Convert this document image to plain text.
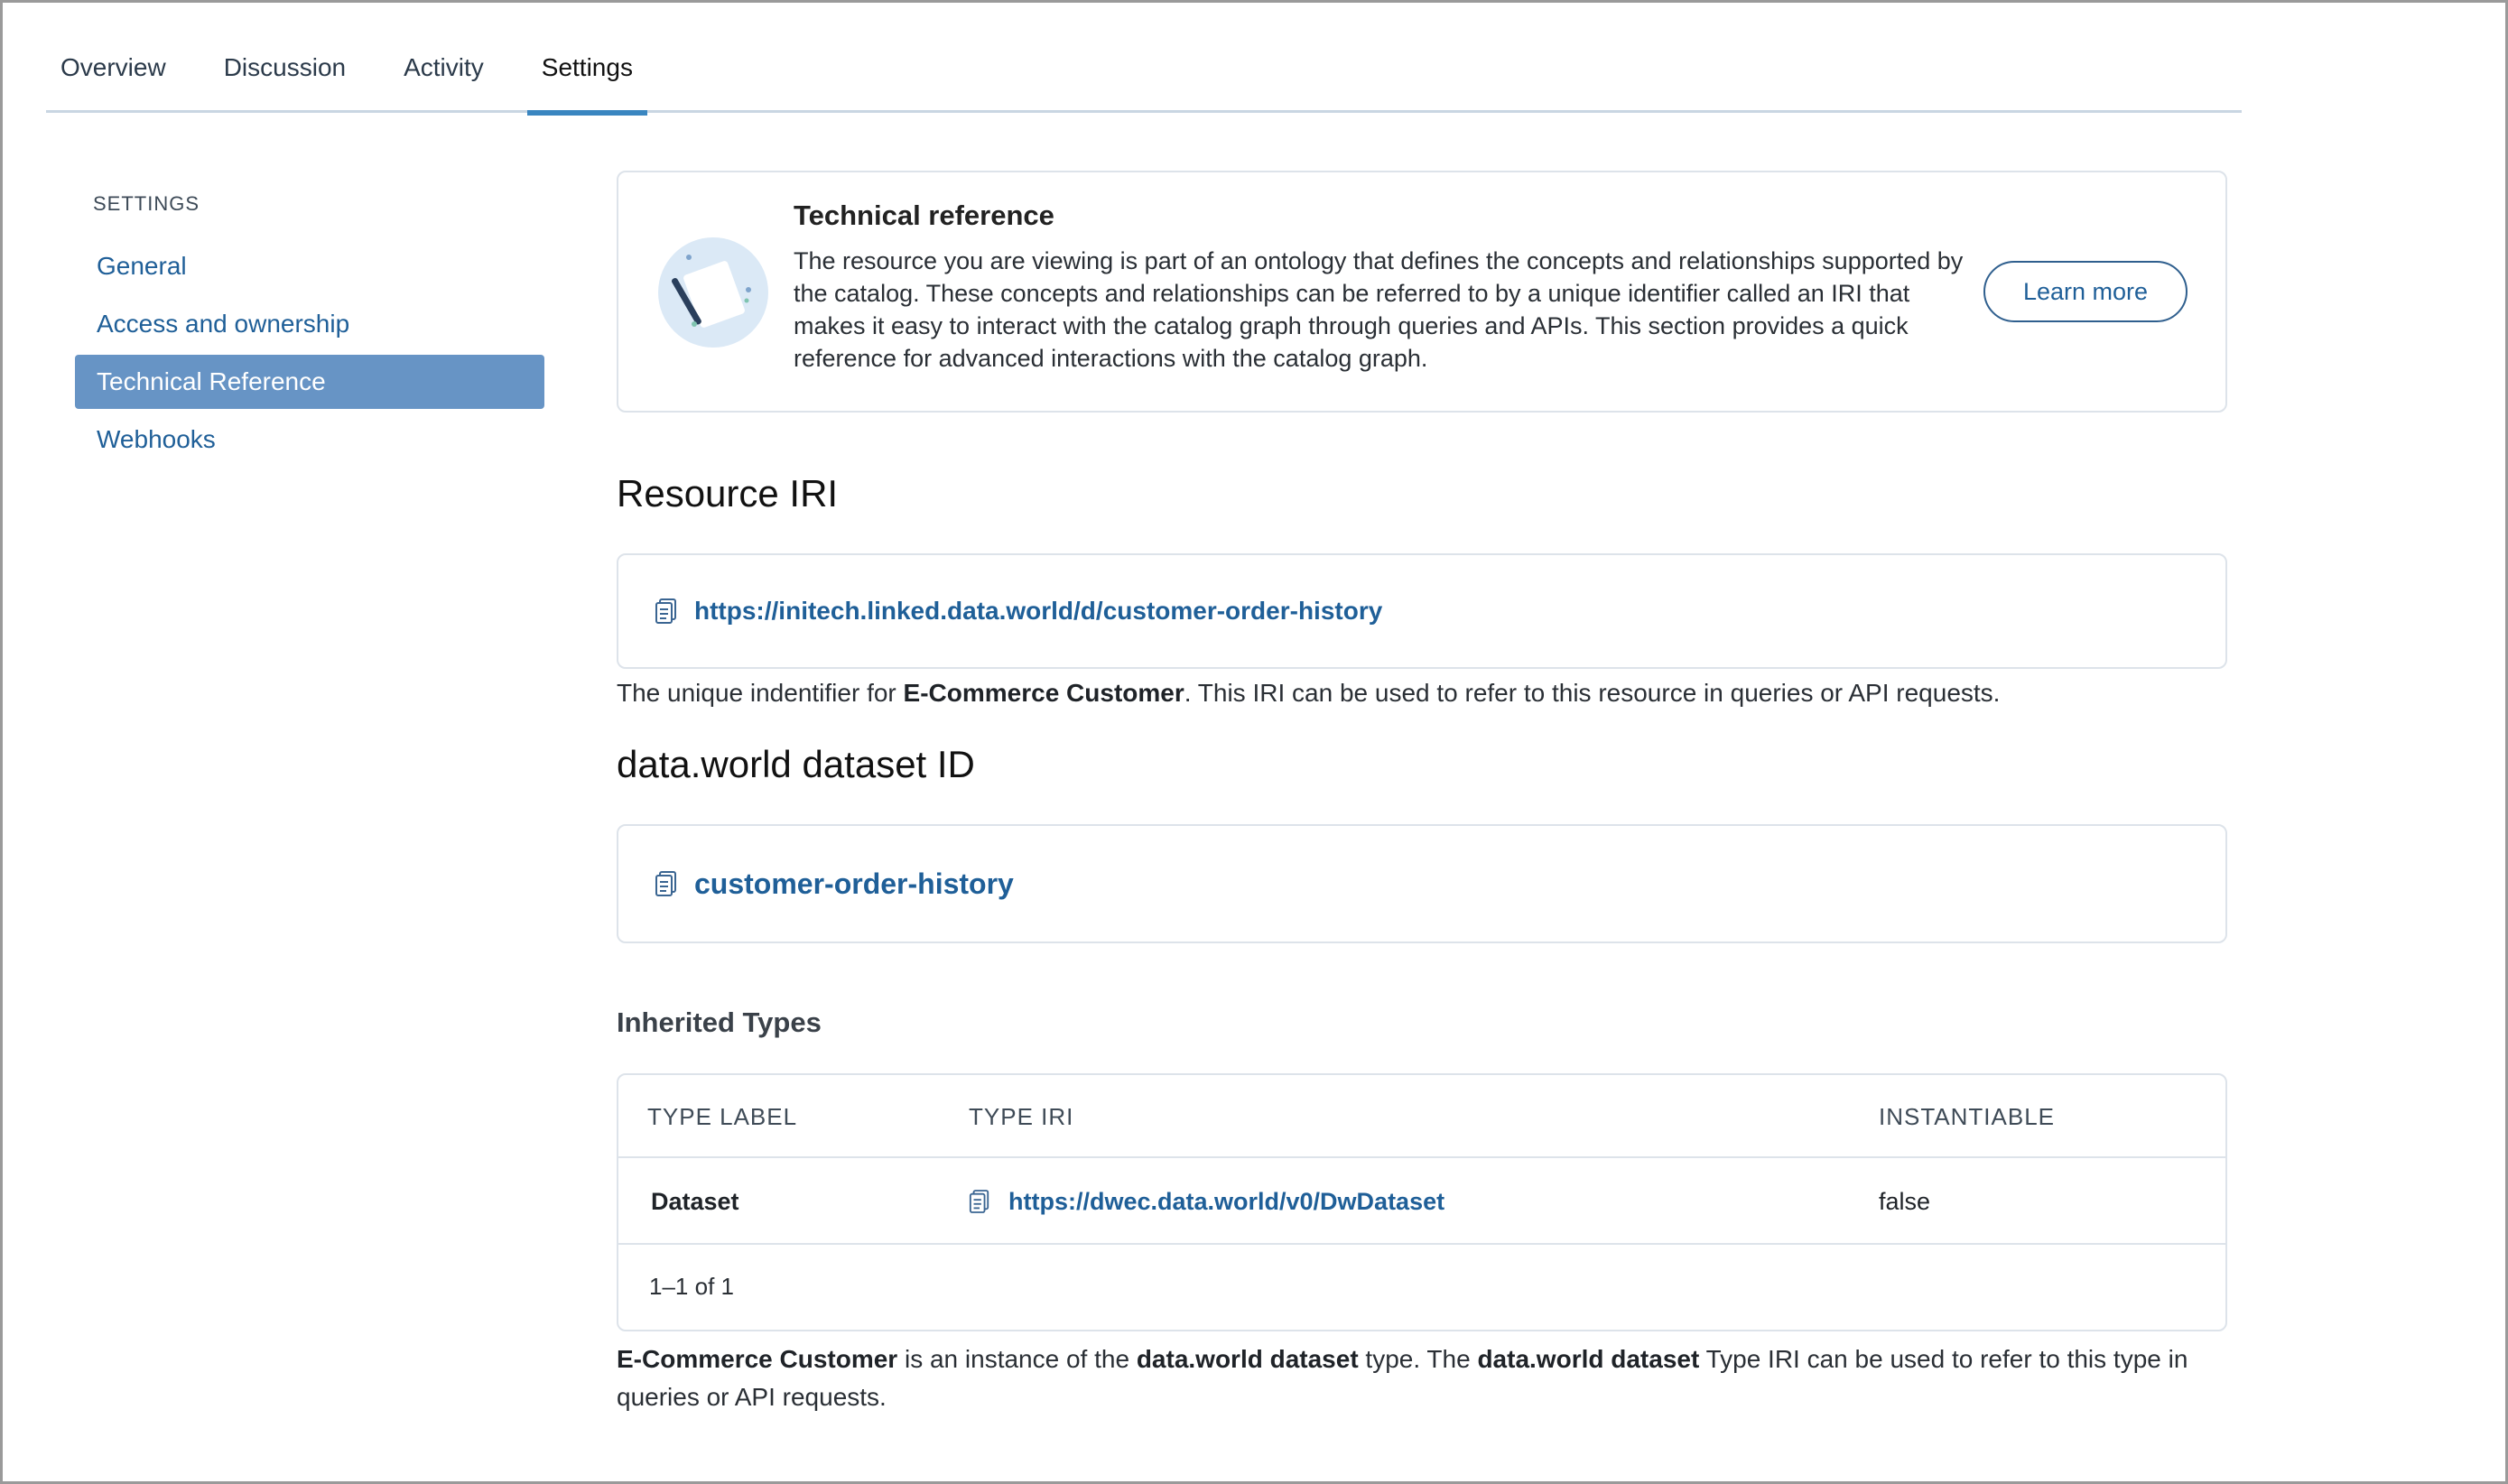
Overview	Discussion	Activity	Settings
SETTINGS
General
Access and ownership
Technical Reference
Webhooks
Technical reference
The resource you are viewing is part of an ontology that defines the concepts and relationships supported by the catalog. These concepts and relationships can be referred to by a unique identifier called an IRI that makes it easy to interact with the catalog graph through queries and APIs. This section provides a quick reference for advanced interactions with the catalog graph.
Learn more
Resource IRI
https://initech.linked.data.world/d/customer-order-history
The unique indentifier for E-Commerce Customer. This IRI can be used to refer to this resource in queries or API requests.
data.world dataset ID
customer-order-history
Inherited Types
TYPE LABEL	TYPE IRI	INSTANTIABLE
Dataset	https://dwec.data.world/v0/DwDataset	false
1–1 of 1
E-Commerce Customer is an instance of the data.world dataset type. The data.world dataset Type IRI can be used to refer to this type in queries or API requests.
